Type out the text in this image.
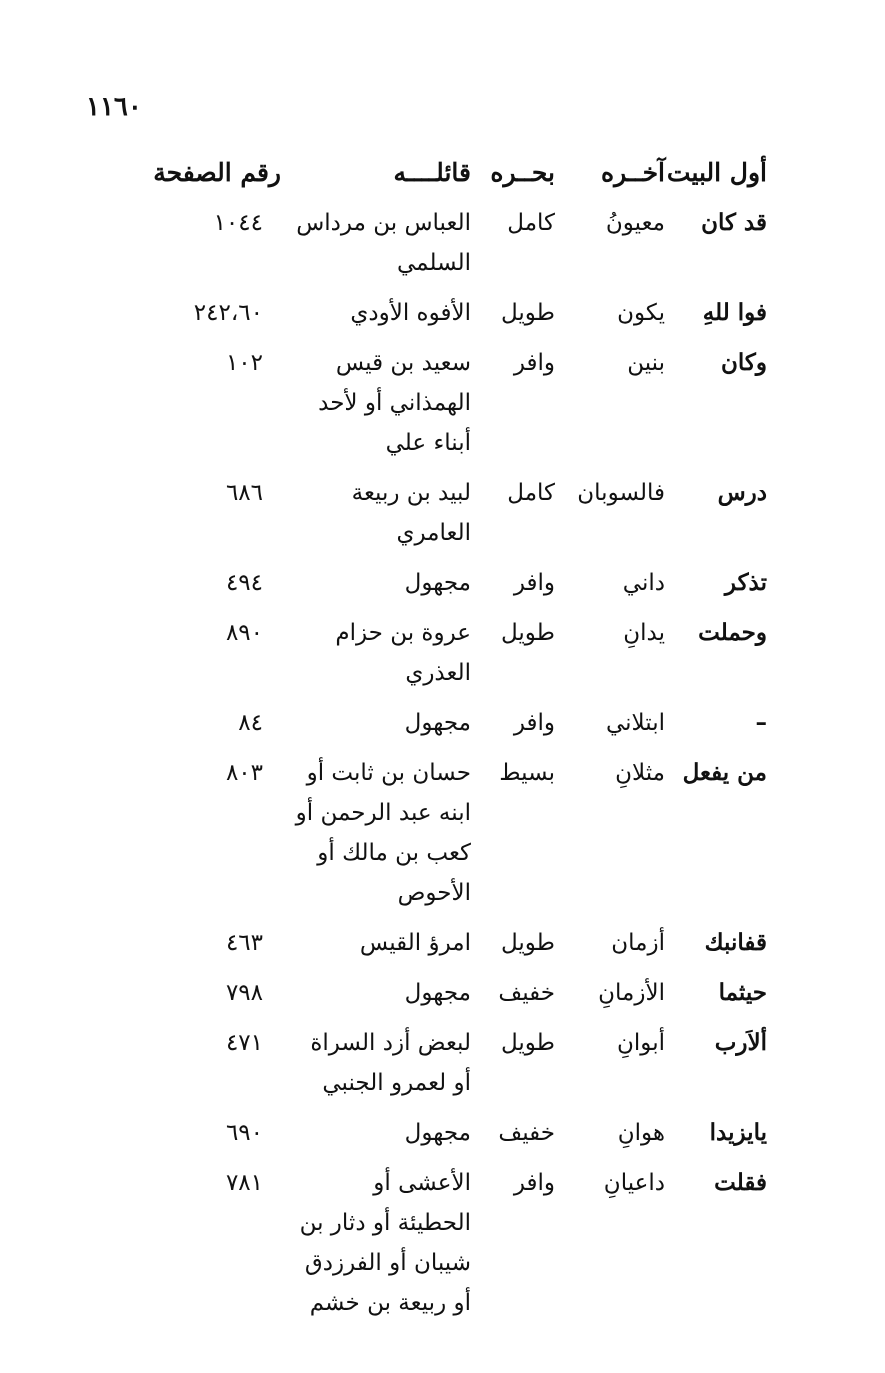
١١٦٠
أول البيت	آخــره	بحــره	قائلــــه	رقم الصفحة
قد كان	معيونُ	كامل	العباس بن مرداس السلمي	١٠٤٤
فوا للهِ	يكون	طويل	الأفوه الأودي	٢٤٢،٦٠
وكان	بنين	وافر	سعيد بن قيس الهمذاني أو لأحد أبناء علي	١٠٢
درس	فالسوبان	كامل	لبيد بن ربيعة العامري	٦٨٦
تذكر	داني	وافر	مجهول	٤٩٤
وحملت	يدانِ	طويل	عروة بن حزام العذري	٨٩٠
–	ابتلاني	وافر	مجهول	٨٤
من يفعل	مثلانِ	بسيط	حسان بن ثابت أو ابنه عبد الرحمن أو كعب بن مالك أو الأحوص	٨٠٣
قفانبك	أزمان	طويل	امرؤ القيس	٤٦٣
حيثما	الأزمانِ	خفيف	مجهول	٧٩٨
ألاَرب	أبوانِ	طويل	لبعض أزد السراة أو لعمرو الجنبي	٤٧١
يايزيدا	هوانِ	خفيف	مجهول	٦٩٠
فقلت	داعيانِ	وافر	الأعشى أو الحطيئة أو دثار بن شيبان أو الفرزدق أو ربيعة بن خشم	٧٨١
